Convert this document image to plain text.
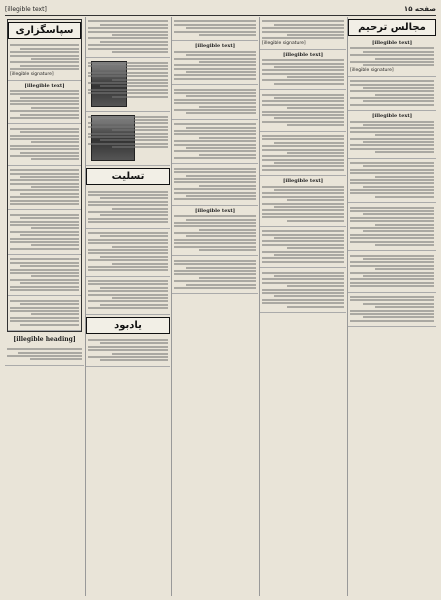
صفحه ۱۵
[illegible text]
مجالس ترحیم
[illegible text]
[illegible signature]
[illegible text]
[illegible signature]
[illegible text]
[illegible text]
[illegible text]
[illegible text]
تسلیت
یادبود
سپاسگزاری
[illegible signature]
[illegible text]
[illegible heading]
